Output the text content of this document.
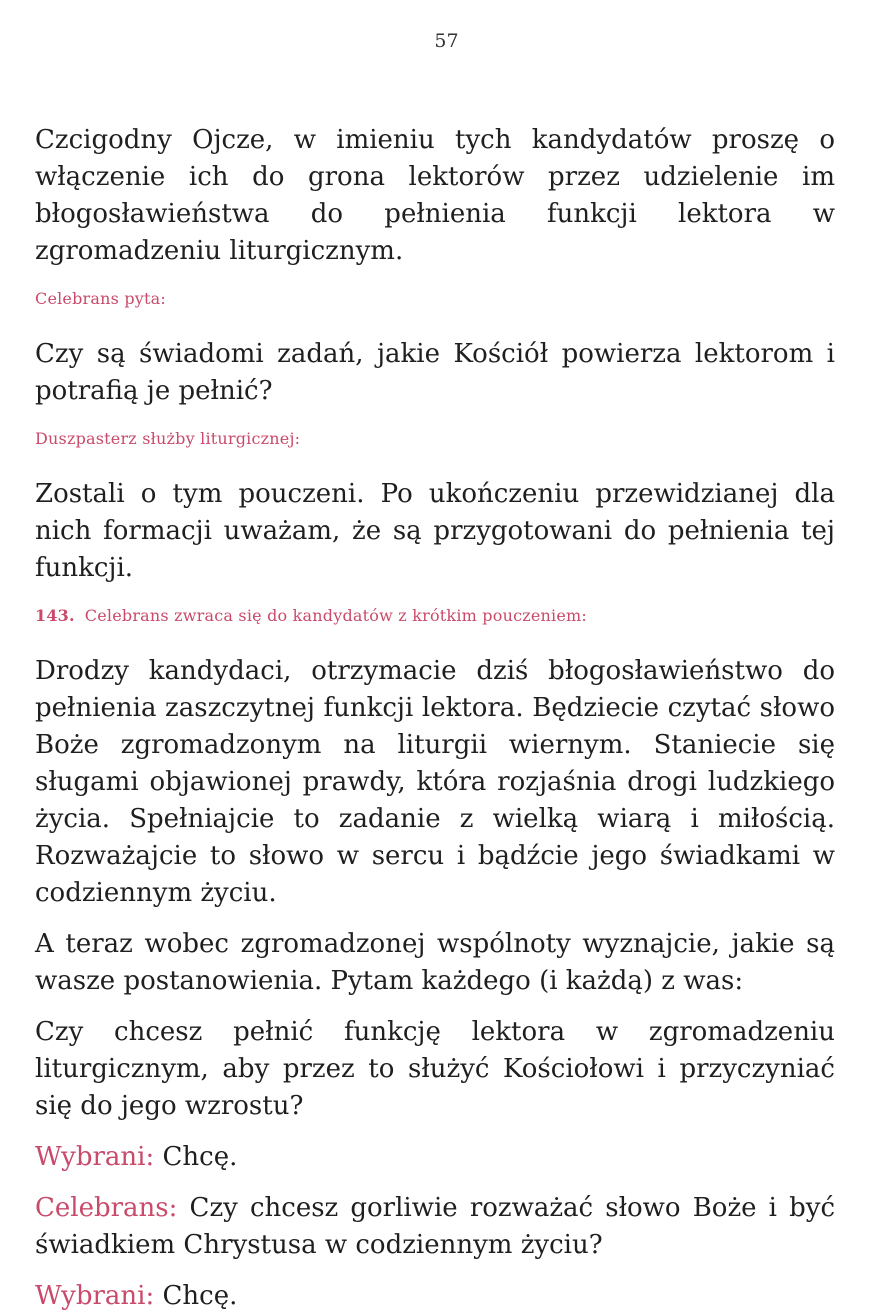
57

Czcigodny Ojcze, w imieniu tych kandydatów proszę o włączenie ich do grona lektorów przez udzielenie im błogosławieństwa do pełnienia funkcji lektora w zgromadzeniu liturgicznym.

Celebrans pyta:

Czy są świadomi zadań, jakie Kościół powierza lektorom i potrafią je pełnić?

Duszpasterz służby liturgicznej:

Zostali o tym pouczeni. Po ukończeniu przewidzianej dla nich formacji uważam, że są przygotowani do pełnienia tej funkcji.

143. Celebrans zwraca się do kandydatów z krótkim pouczeniem:

Drodzy kandydaci, otrzymacie dziś błogosławieństwo do pełnienia zaszczytnej funkcji lektora. Będziecie czytać słowo Boże zgromadzonym na liturgii wiernym. Staniecie się sługami objawionej prawdy, która rozjaśnia drogi ludzkiego życia. Spełniajcie to zadanie z wielką wiarą i miłością. Rozważajcie to słowo w sercu i bądźcie jego świadkami w codziennym życiu.

A teraz wobec zgromadzonej wspólnoty wyznajcie, jakie są wasze postanowienia. Pytam każdego (i każdą) z was:

Czy chcesz pełnić funkcję lektora w zgromadzeniu liturgicznym, aby przez to służyć Kościołowi i przyczyniać się do jego wzrostu?

Wybrani: Chcę.

Celebrans: Czy chcesz gorliwie rozważać słowo Boże i być świadkiem Chrystusa w codziennym życiu?

Wybrani: Chcę.
